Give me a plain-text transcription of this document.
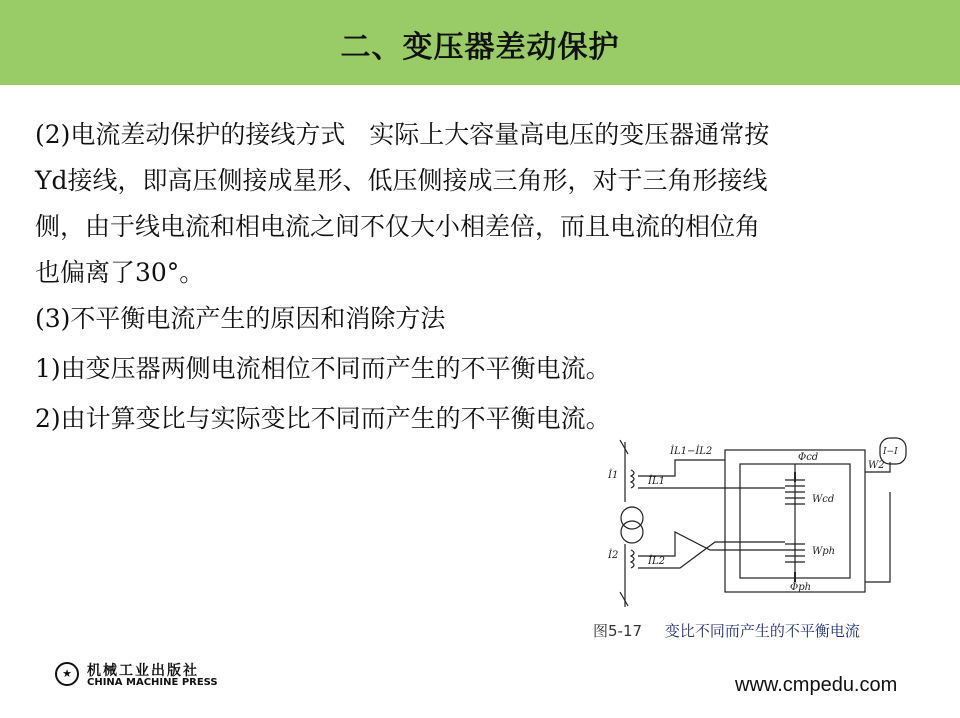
二、变压器差动保护

(2)电流差动保护的接线方式   实际上大容量高电压的变压器通常按

Yd接线，即高压侧接成星形、低压侧接成三角形，对于三角形接线

侧，由于线电流和相电流之间不仅大小相差倍，而且电流的相位角

也偏离了30°。

(3)不平衡电流产生的原因和消除方法

1)由变压器两侧电流相位不同而产生的不平衡电流。

2)由计算变比与实际变比不同而产生的不平衡电流。

İL1−İL2
Φcd
Wcd
W2
I−I
İ1
İL1
İ2
İL2
Wph
Φph
图5-17 变比不同而产生的不平衡电流
★	机械工业出版社
CHINA MACHINE PRESS	www.cmpedu.com
